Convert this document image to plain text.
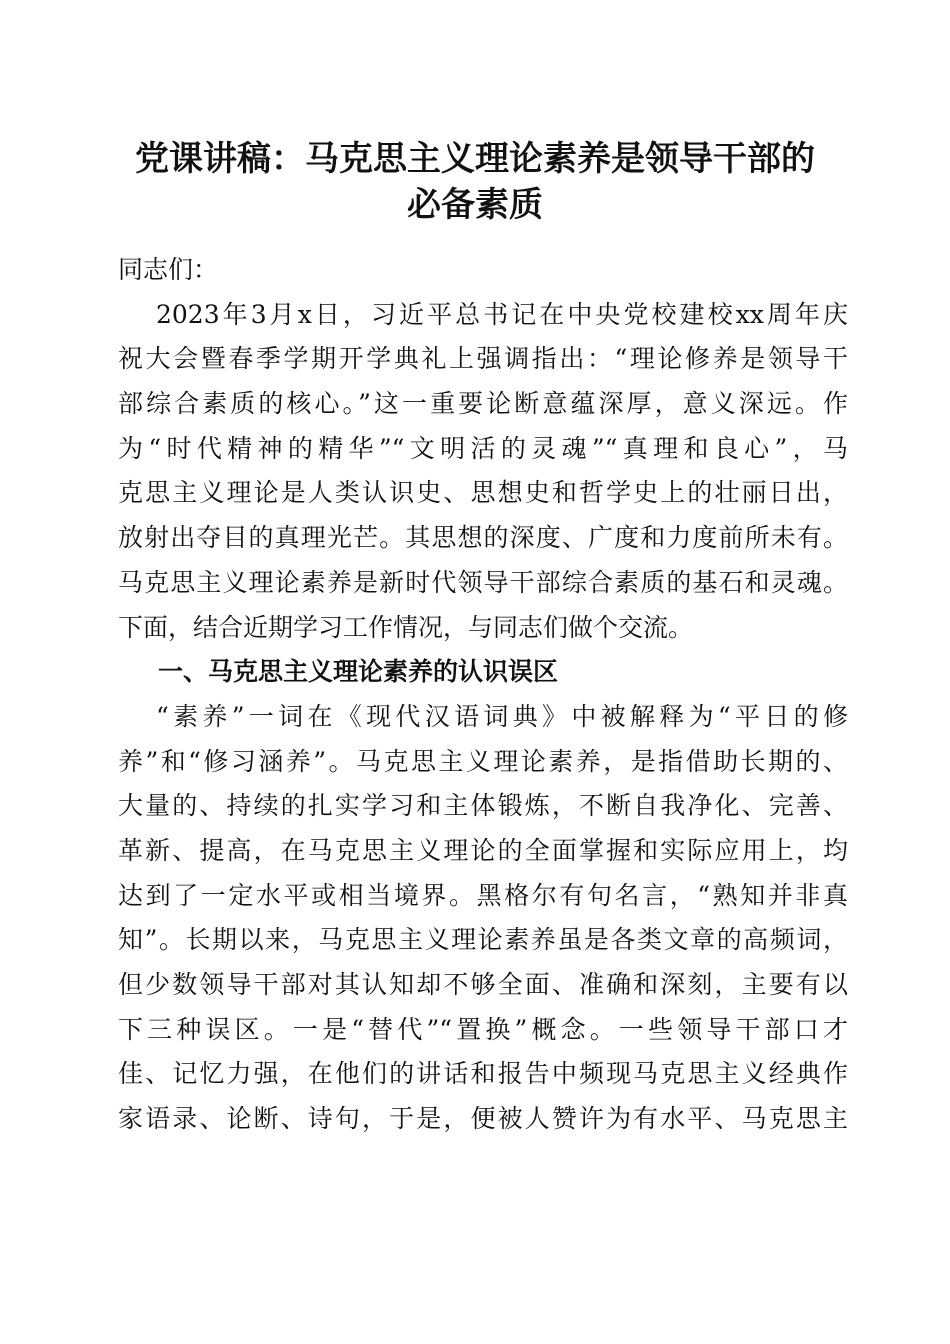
党课讲稿：马克思主义理论素养是领导干部的
必备素质
同志们：
2023年3月x日，习近平总书记在中央党校建校xx周年庆
祝大会暨春季学期开学典礼上强调指出：“理论修养是领导干
部综合素质的核心。”这一重要论断意蕴深厚，意义深远。作
为“时代精神的精华”“文明活的灵魂”“真理和良心”，马
克思主义理论是人类认识史、思想史和哲学史上的壮丽日出，
放射出夺目的真理光芒。其思想的深度、广度和力度前所未有。
马克思主义理论素养是新时代领导干部综合素质的基石和灵魂。
下面，结合近期学习工作情况，与同志们做个交流。
一、马克思主义理论素养的认识误区
“素养”一词在《现代汉语词典》中被解释为“平日的修
养”和“修习涵养”。马克思主义理论素养，是指借助长期的、
大量的、持续的扎实学习和主体锻炼，不断自我净化、完善、
革新、提高，在马克思主义理论的全面掌握和实际应用上，均
达到了一定水平或相当境界。黑格尔有句名言，“熟知并非真
知”。长期以来，马克思主义理论素养虽是各类文章的高频词，
但少数领导干部对其认知却不够全面、准确和深刻，主要有以
下三种误区。一是“替代”“置换”概念。一些领导干部口才
佳、记忆力强，在他们的讲话和报告中频现马克思主义经典作
家语录、论断、诗句，于是，便被人赞许为有水平、马克思主
